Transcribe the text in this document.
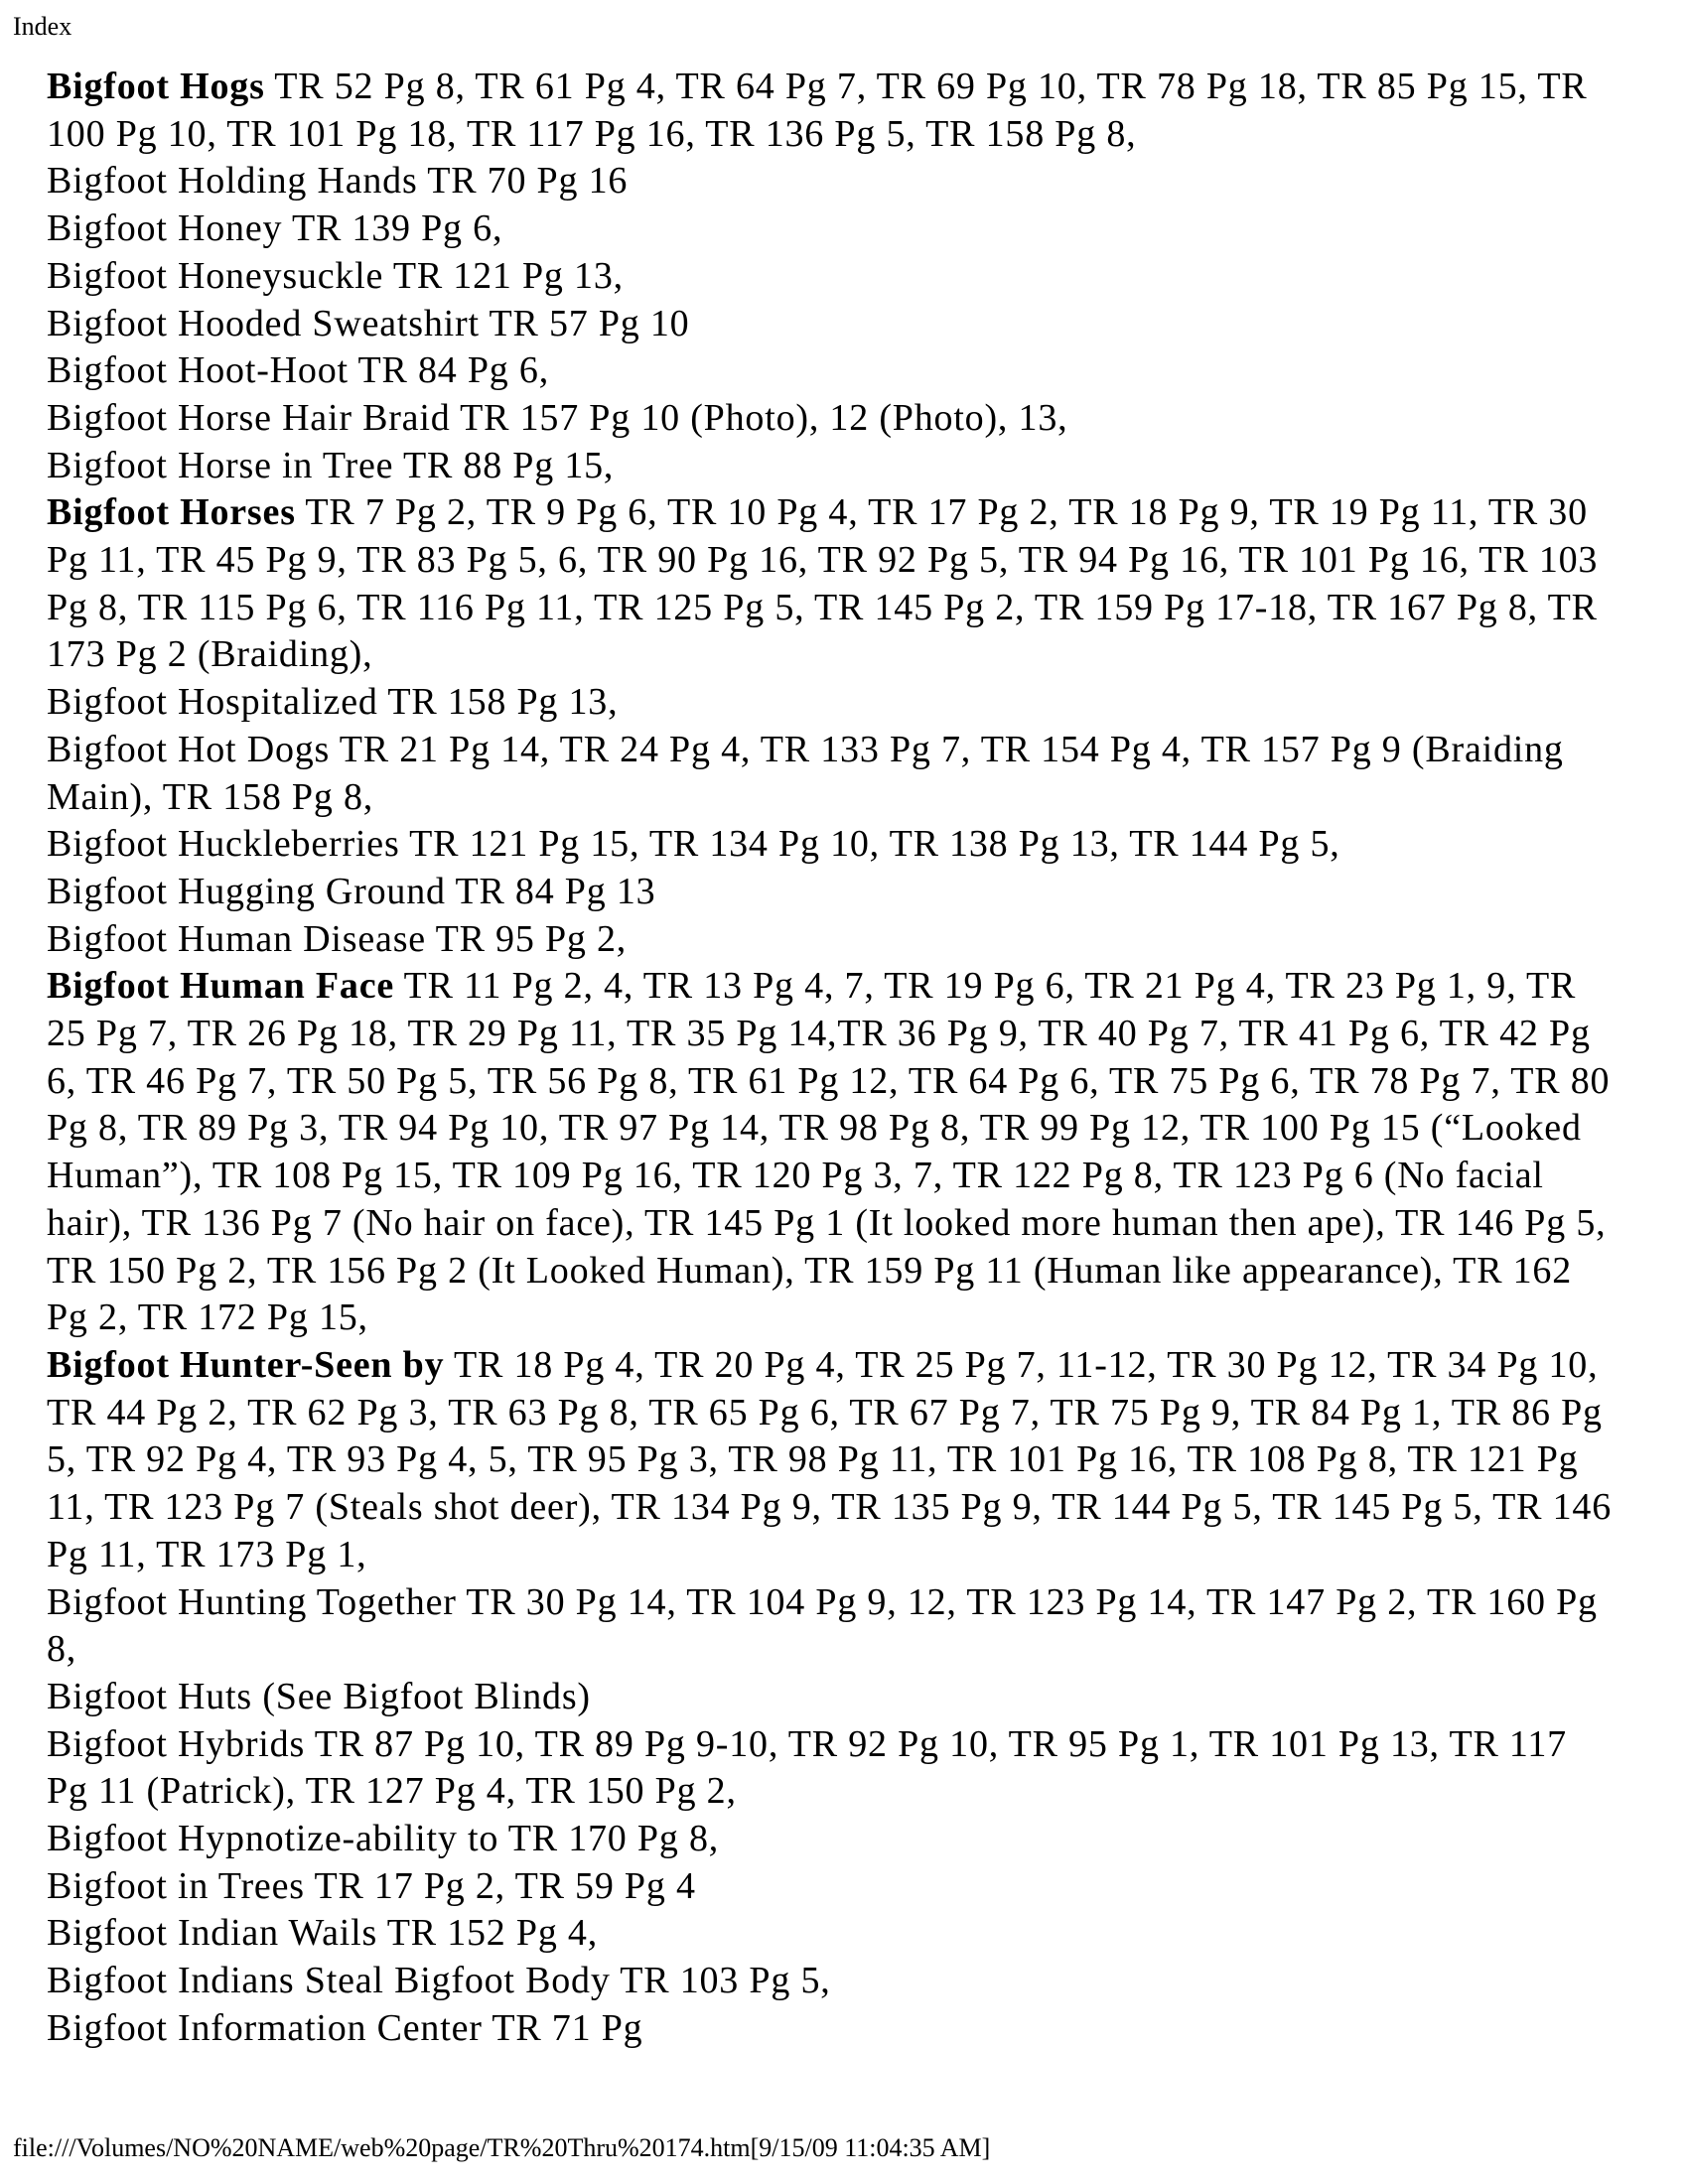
Index

Bigfoot Hogs TR 52 Pg 8, TR 61 Pg 4, TR 64 Pg 7, TR 69 Pg 10, TR 78 Pg 18, TR 85 Pg 15, TR 100 Pg 10, TR 101 Pg 18, TR 117 Pg 16, TR 136 Pg 5, TR 158 Pg 8,

Bigfoot Holding Hands TR 70 Pg 16

Bigfoot Honey TR 139 Pg 6,

Bigfoot Honeysuckle TR 121 Pg 13,

Bigfoot Hooded Sweatshirt TR 57 Pg 10

Bigfoot Hoot-Hoot TR 84 Pg 6,

Bigfoot Horse Hair Braid TR 157 Pg 10 (Photo), 12 (Photo), 13,

Bigfoot Horse in Tree TR 88 Pg 15,

Bigfoot Horses TR 7 Pg 2, TR 9 Pg 6, TR 10 Pg 4, TR 17 Pg 2, TR 18 Pg 9, TR 19 Pg 11, TR 30 Pg 11, TR 45 Pg 9, TR 83 Pg 5, 6, TR 90 Pg 16, TR 92 Pg 5, TR 94 Pg 16, TR 101 Pg 16, TR 103 Pg 8, TR 115 Pg 6, TR 116 Pg 11, TR 125 Pg 5, TR 145 Pg 2, TR 159 Pg 17-18, TR 167 Pg 8, TR 173 Pg 2 (Braiding),

Bigfoot Hospitalized TR 158 Pg 13,

Bigfoot Hot Dogs TR 21 Pg 14, TR 24 Pg 4, TR 133 Pg 7, TR 154 Pg 4, TR 157 Pg 9 (Braiding Main), TR 158 Pg 8,

Bigfoot Huckleberries TR 121 Pg 15, TR 134 Pg 10, TR 138 Pg 13, TR 144 Pg 5,

Bigfoot Hugging Ground TR 84 Pg 13

Bigfoot Human Disease TR 95 Pg 2,

Bigfoot Human Face TR 11 Pg 2, 4, TR 13 Pg 4, 7, TR 19 Pg 6, TR 21 Pg 4, TR 23 Pg 1, 9, TR 25 Pg 7, TR 26 Pg 18, TR 29 Pg 11, TR 35 Pg 14,TR 36 Pg 9, TR 40 Pg 7, TR 41 Pg 6, TR 42 Pg 6, TR 46 Pg 7, TR 50 Pg 5, TR 56 Pg 8, TR 61 Pg 12, TR 64 Pg 6, TR 75 Pg 6, TR 78 Pg 7, TR 80 Pg 8, TR 89 Pg 3, TR 94 Pg 10, TR 97 Pg 14, TR 98 Pg 8, TR 99 Pg 12, TR 100 Pg 15 (“Looked Human”), TR 108 Pg 15, TR 109 Pg 16, TR 120 Pg 3, 7, TR 122 Pg 8, TR 123 Pg 6 (No facial hair), TR 136 Pg 7 (No hair on face), TR 145 Pg 1 (It looked more human then ape), TR 146 Pg 5, TR 150 Pg 2, TR 156 Pg 2 (It Looked Human), TR 159 Pg 11 (Human like appearance), TR 162 Pg 2, TR 172 Pg 15,

Bigfoot Hunter-Seen by TR 18 Pg 4, TR 20 Pg 4, TR 25 Pg 7, 11-12, TR 30 Pg 12, TR 34 Pg 10, TR 44 Pg 2, TR 62 Pg 3, TR 63 Pg 8, TR 65 Pg 6, TR 67 Pg 7, TR 75 Pg 9, TR 84 Pg 1, TR 86 Pg 5, TR 92 Pg 4, TR 93 Pg 4, 5, TR 95 Pg 3, TR 98 Pg 11, TR 101 Pg 16, TR 108 Pg 8, TR 121 Pg 11, TR 123 Pg 7 (Steals shot deer), TR 134 Pg 9, TR 135 Pg 9, TR 144 Pg 5, TR 145 Pg 5, TR 146 Pg 11, TR 173 Pg 1,

Bigfoot Hunting Together TR 30 Pg 14, TR 104 Pg 9, 12, TR 123 Pg 14, TR 147 Pg 2, TR 160 Pg 8,

Bigfoot Huts (See Bigfoot Blinds)

Bigfoot Hybrids TR 87 Pg 10, TR 89 Pg 9-10, TR 92 Pg 10, TR 95 Pg 1, TR 101 Pg 13, TR 117 Pg 11 (Patrick), TR 127 Pg 4, TR 150 Pg 2,

Bigfoot Hypnotize-ability to TR 170 Pg 8,

Bigfoot in Trees TR 17 Pg 2, TR 59 Pg 4

Bigfoot Indian Wails TR 152 Pg 4,

Bigfoot Indians Steal Bigfoot Body TR 103 Pg 5,

Bigfoot Information Center TR 71 Pg

file:///Volumes/NO%20NAME/web%20page/TR%20Thru%20174.htm[9/15/09 11:04:35 AM]
